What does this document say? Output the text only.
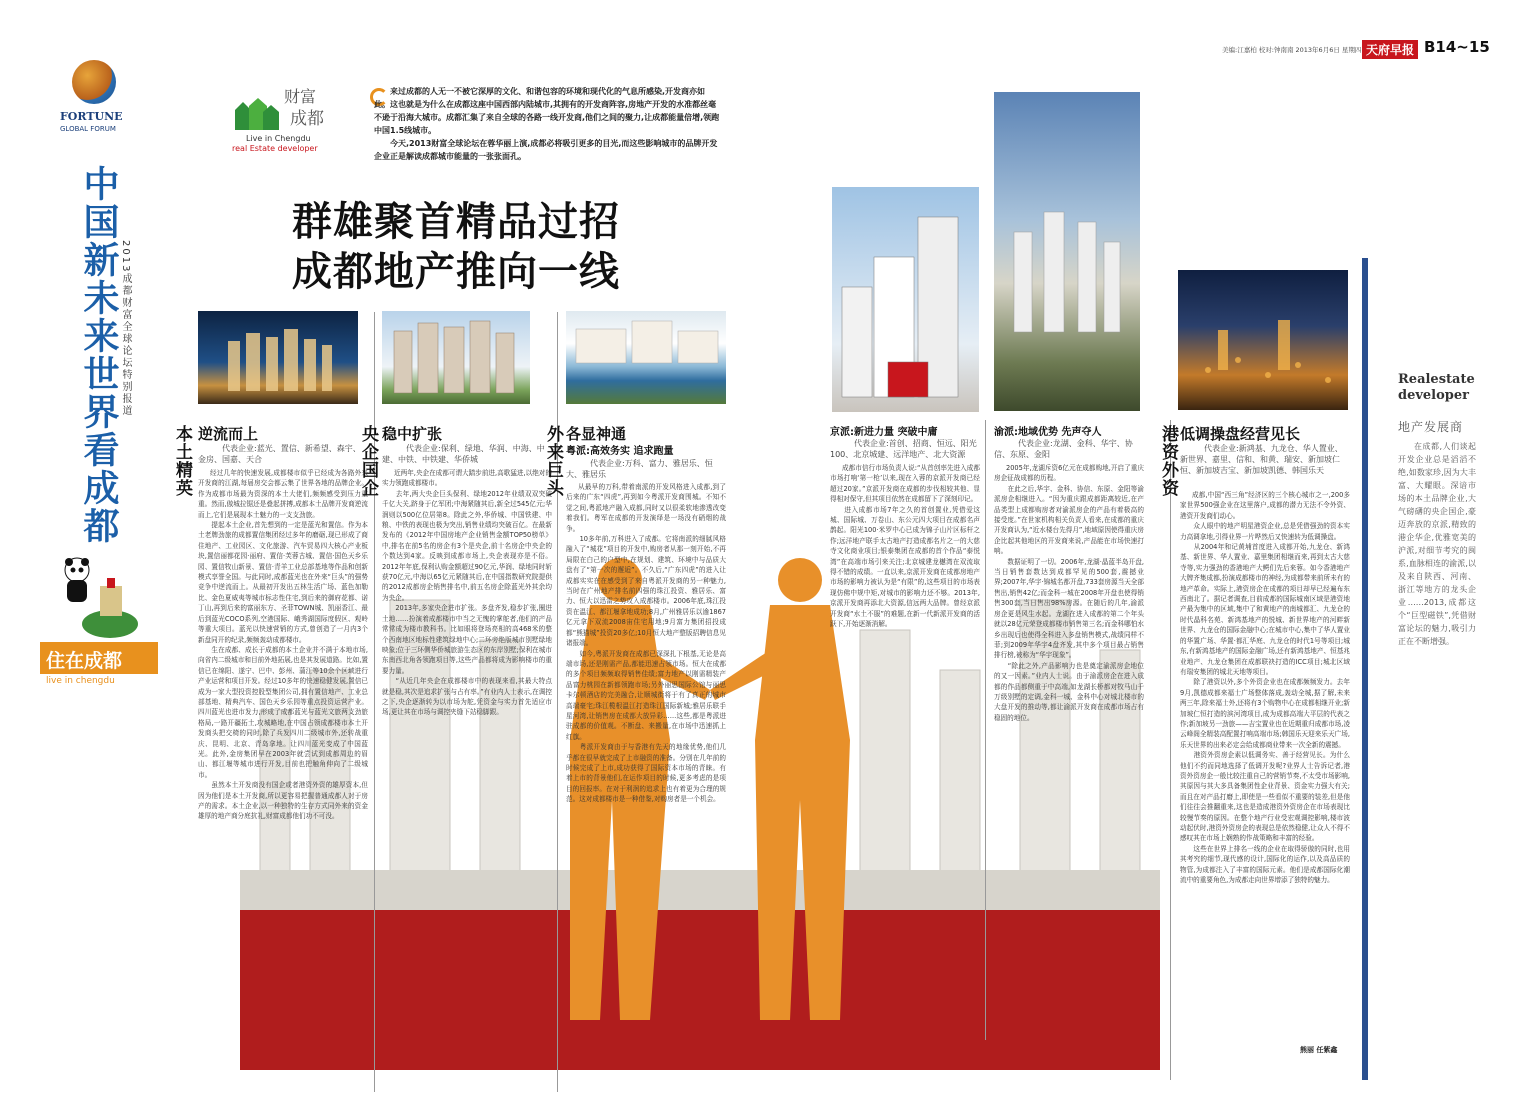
美编:江嘉柏 校对:钟南南 2013年6月6日 星期四 天府早报 B14~15
FORTUNE
GLOBAL FORUM
中国新未来
世界看成都
2013成都财富全球论坛特别报道
住在成都
live in chengdu
财富
成都
Live in Chengdu
real Estate developer
来过成都的人无一不被它深厚的文化、和谐包容的环境和现代化的气息所感染,开发商亦如此。这也就是为什么在成都这座中国西部内陆城市,其拥有的开发商阵容,房地产开发的水准都丝毫不逊于沿海大城市。成都汇集了来自全球的各路一线开发商,他们之间的聚力,让成都能量倍增,领跑中国1.5线城市。
今天,2013财富全球论坛在蓉华丽上演,成都必将吸引更多的目光,而这些影响城市的品牌开发企业正是解读成都城市能量的一张张面孔。
群雄聚首精品过招
成都地产推向一线
本土精英 逆流而上
代表企业:蓝光、置信、新希望、森宇、金房、国嘉、天合
经过几年的快速发展,成都楼市似乎已经成为各路外来开发商的江湖,每届房交会都云集了世界各地的品牌企业。作为成都市场最为资深的本土大佬们,频频感受到压力重重。然而,傲城拉锯还是叠起拼搏,成都本土品牌开发商逆流而上,它们是展现本土魅力的一支支劲旅。
　　提起本土企业,首先想到的一定是蓝光和置信。作为本土老牌劲旅的成都置信集团经过多年的磨砺,现已形成了商住地产、工业园区、文化旅游、汽车贸易四大核心产业板块,置信丽都花园·丽府、置信·芙蓉古城、置信·国色天乡乐园、置信牧山新景、置信·青羊工业总部基地等作品和创新模式享誉全国。与此同时,成都蓝光也在外来“巨头”的强势竞争中逆流而上。从最初开发出五林生活广场、蓝色加勒比、金色夏威夷等城市标志性住宅,到后来的御府花都、诺丁山,再到后来的富丽东方、圣菲TOWN城、凯丽香江、最后到蓝光COCO系列,空港国际、峨秀湖国际度假区、观岭等重大项目。蓝光以快速营销的方式,曾创造了一月内3个新盘同开的纪录,频频轰动成都楼市。
　　生在成都、成长于成都的本土企业并不满于本地市场,向省内二级城市和目前外地拓展,也是其发展道路。比如,置信已在绵阳、遂宁、巴中、彭州、蒲江等10余个区域进行产业运营和项目开发。经过10多年的快速稳健发展,置信已成为一家大型投资控股型集团公司,拥有置信地产、工业总部基地、精典汽车、国色天乡乐园等重点投资运营产业。四川蓝光也进市发力,形成了成都蓝光与蓝光文旅两支劲旅格局,一路开疆拓土,攻城略地,在中国占领成都楼市本土开发商头把交椅的同时,除了兵发四川二级城市外,还转战重庆、昆明、北京、青岛拿地。让四川蓝光变成了中国蓝光。此外,金房集团早在2003年就尝试到成都周边的眉山、都江堰等城市进行开发,目前也把触角伸向了二级城市。
　　虽然本土开发商没有国企或者港资外资的雄厚资本,但因为他们是本土开发商,所以更容易把握普通成都人对于房产的需求。本土企业,以一种独特的生存方式同外来的资金雄厚的地产商分庭抗礼,财富成都他们功不可没。
央企国企 稳中扩张
代表企业:保利、绿地、华润、中海、中建、中铁、中铁建、华侨城
近两年,央企在成都可谓大踏步前进,高歌猛进,以绝对的实力领跑成都楼市。
　　去年,两大央企巨头保利、绿地2012年业绩双双突破千亿大关,跻身于亿军团;中海紧随其后,新全过545亿元;华润则以500亿位居第8。除此之外,华侨城、中国铁建、中粮、中铁的表现也极为突出,销售业绩均突破百亿。在最新发布的《2012年中国房地产企业销售金额TOP50榜单》中,排名在前5名的房企有3个是央企,前十名房企中央企的个数达到4家。反映到成都市场上,央企表现亦是不俗。2012年年底,保利认购金额超过90亿元,华润、绿地同时斩获70亿元,中海以65亿元紧随其后,在中国指数研究院提供的2012成都房企销售排名中,前五名房企除蓝光外其余均为央企。
　　2013年,多家央企进市扩张。多盘齐发,稳步扩张,圈进土地……扮演着成都楼市中当之无愧的掌舵者,他们的产品常常成为楼市教科书。比如眼将登场亮相的高468米的整个西南地区地标性建筑绿地中心;二环旁绝版城市别墅绿地映象;位于三环侧华侨城旅游生态区的东岸别墅;保利在城市东南西北角各领跑项目等,这些产品都将成为影响楼市的重要力量。
　　“从近几年央企在成都楼市中的表现来看,其最大特点就是稳,其次是追求扩张与占有率。”有业内人士表示,在调控之下,央企逐渐转为以市场为舵,凭资金与实力首先适应市场,更让其在市场与调控夹缝下站稳脚跟。
外来巨头 各显神通
粤派:高效务实 追求跑量
代表企业:万科、富力、雅居乐、恒大、雅居乐
从最早的万科,带着南派的开发风格进入成都,到了后来的广东“四虎”,再到如今粤派开发商围城。不知不觉之间,粤派地产融入成都,同时又以很柔软地渗透改变着我们。粤军在成都的开发演绎是一场没有硝烟的战争。
　　10多年前,万科进入了成都。它将南派的细腻风格融入了“城花”项目的开发中,购房者从那一刻开始,不再局限在白己的户型中,在规划、建筑、环境中与品质大盘有了“第一次的邂逅”。不久后,“广东四虎”的进入让成都实实在在感受到了来自粤派开发商的另一种魅力,当时在广州地产排名前四强的珠江投资、雅居乐、富力、恒大以迅雷之势攻入成都楼市。2006年底,珠江投资在温江、都江堰拿地成功;8月,广州雅居乐以逾1867亿元拿下双流2008宙住宅用地;9月富力集团招投成都“熊猫城”投资20多亿;10月恒大地产整版招聘信息见诸报端。
　　如今,粤派开发商在成都已深深扎下根基,无论是高端市场,还是刚需产品,都能迅速占领市场。恒大在成都的多个项目频频取得销售佳绩;富力地产以刚需精装产品富力桃园在新都领跑市场;另外丽思国际公馆与丽思卡尔顿酒店的完美融合,让顺城街将于有了真正的城市高端豪宅;珠江榄根温江打造珠江国际新城;雅居乐联手星河湾,让销售房在成都大放异彩……这些,都是粤派进驻成都的价值观。不断盘、来搬量,在市场中迅速抓上红旗。
　　粤派开发商由于与香港有先天的地缘优势,他们几乎都在很早就完成了上市融资的准备。分别在几年前的时候完成了上市,成功获得了国际资本市场的青睐。有着上市的背景他们,在运作项目的时候,更多考虑的是项目的回报率。在对于利润的追求上也有着更为合理的规范。这对成都楼市是一种借鉴,对购房者是一个机会。
京派:新进力量 突破中庸
代表企业:首创、招商、恒远、阳光100、北京城建、远洋地产、北大资源
成都市信行市场负责人说:“从首创率先进入成都市场打响‘第一枪’以来,现在入蓉的京派开发商已经超过20家。”京派开发商在成都的步伐相较其他、显得相对保守,但其项目依然在成都留下了深刻印记。
　　进入成都市场7年之久的首创置业,凭借爱这城、国际城、万卷山、东公元四大项目在成都名声鹊起。阳光100·米罗中心已成为锦子山片区标杆之作;远洋地产联手太古地产打造成都名片之一的大慈寺文化商业项目;银泰集团在成都的首个作品“泰悦湾”在高端市场引来关注;北京城建龙樾湾在双流取得不错的成绩。一直以来,京派开发商在成都房地产市场的影响力被认为是“有限”的,这些项目的市场表现仿佛中规中矩,对城市的影响力还不够。2013年,京派开发商再添北大资源,信远两大品牌。曾经京派开发商“水土不服”的难题,在新一代新派开发商的活跃下,开始逐渐消解。
渝派:地域优势 先声夺人
代表企业:龙湖、金科、华宇、协信、东原、金阳
2005年,龙湖斥资6亿元在成都购地,开启了重庆房企征战成都的历程。
　　在此之后,华宇、金科、协信、东原、金阳等渝派房企相继进入。“因为重庆跟成都距离较近,在产品类型上成都购房者对渝派房企的产品有着极高的接受度。”在世家机构相关负责人看来,在成都的重庆开发商认为,“近水楼台先得月”,地域原因使得重庆房企比起其他地区的开发商来说,产品能在市场快速打响。
　　数据证明了一切。2006年,龙湖·晶蓝半岛开盘,当日销售套数达到成都罕见的500套,震撼业界;2007年,华宇·锦城名都开盘,733套房源当天全部售出,销售42亿;而金科一城在2008年开盘也使得销售300套,当日售出98%房源。在随后的几年,渝派房企更是风生水起。龙湖在进入成都的第二个年头就以28亿元荣登成都楼市销售第三名;而金科哪怕水乡出现后也使得全科进入多盘销售模式,战绩同样不菲;到2009年华宇4盘齐发,其中多个项目最占销售排行榜,被称为“华宇现象”。
　　“除此之外,产品影响力也是奠定渝派房企地位的又一因素。”业内人士说。由于渝派房企在进入成都的作品都侧重于中高端,如龙湖长桥都对牧马山千万级别墅的定调,金科一城、金科中心对城北楼市的大盘开发的推动等,都让渝派开发商在成都市场占有稳固的地位。
港资外资 低调操盘经营见长
代表企业:新鸿基、九龙仓、华人置业、新世界、嘉里、信和、和黄、瑞安、新加坡仁恒、新加坡吉宝、新加坡凯德、韩国乐天
成都,中国“西三角”经济区的三个核心城市之一,200多家世界500强企业在这里落户,成都的潜力无法不令外资、港资开发商们动心。
　　众人眼中的地产明星港资企业,总是凭借强劲的资本实力高调拿地,引得业界一片哗然后又快速转为低调操盘。
　　从2004年和记黄埔首度进入成都开始,九龙仓、新鸿基、新世界、华人置业、嘉里集团相继而来,再到太古大慈寺等,实力强劲的香港地产大鳄们先后来蓉。如今香港地产大牌齐集成都,扮演成都楼市的神经,为成都带来前所未有的地产革命。实际上,港资房企在成都的项目却早已经遍布东西南北了。据记者调查,目前成都的国际城南区域是港资地产最为集中的区域,集中了和黄地产的南城都汇、九龙仓的时代晶科名苑、新鸿基地产的悦城、新世界地产的河畔新世界、九龙仓的国际金融中心;在城市中心,集中了华人置业的华置广场、华置·都汇华庭、九龙仓的时代1号等项目;城东,有新鸿基地产的国际金融广场,还有新鸿基地产、恒基兆业地产、九龙仓集团在成都联袂打造的ICC项目;城北区域有瑞安集团的城北天地等项目。
　　除了港资以外,多个外资企业也在成都频频发力。去年9月,凯德成都来福士广场整体落成,轰动全城,据了解,未来两三年,除来福士外,还将有3个购物中心在成都相继开业;新加坡仁恒打造的滨河湾项目,成为成都高端大平层的代表之作;新加坡另一劲旅——吉宝置业也在近期重归成都市场,凌云峰阁全精装高配置打响高端市场;韩国乐天迎来乐天广场,乐天世界的出来必定会给成都商业带来一次全新的震撼。
　　港资外资房企素以低调务实、善于经营见长。为什么他们不约而同地选择了低调开发呢?业界人士告诉记者,港资外资房企一般比较注重自己的营销节奏,不太受市场影响,其原因与其大多具备集团性企业背景、资金实力强大有关;而且在对产品打磨上,即使是一些看似不重要的装差,但是他们往往会推翻重来,这也是造成港资外资房企在市场表现比较慢节奏的原因。在整个地产行业受宏观调控影响,楼市波动起伏时,港资外资房企的表现总是依然稳健,让众人不得不感叹其在市场上娴熟的作战策略和丰富的经验。
　　这些在世界上排名一线的企业在取得骄傲的同时,也用其考究的细节,现代感的设计,国际化的运作,以及高品质的物管,为成都注入了丰富的国际元素。他们是成都国际化潮流中的重要角色,为成都走向世界增添了独特的魅力。
熊丽 任紫鑫
Realestate
developer
地产发展商
在成都,人们谈起开发企业总是滔滔不绝,如数家珍,因为大丰富、大耀眼。深谙市场的本土品牌企业,大气磅礴的央企国企,豪迈奔放的京派,精致的港企华企,优雅宽美的沪派,对细节考究的闽系,血脉相连的渝派,以及来自陕西、河南、浙江等地方的龙头企业……2013,成都这个“巨型磁铁”,凭借财富论坛的魅力,吸引力正在不断增强。
